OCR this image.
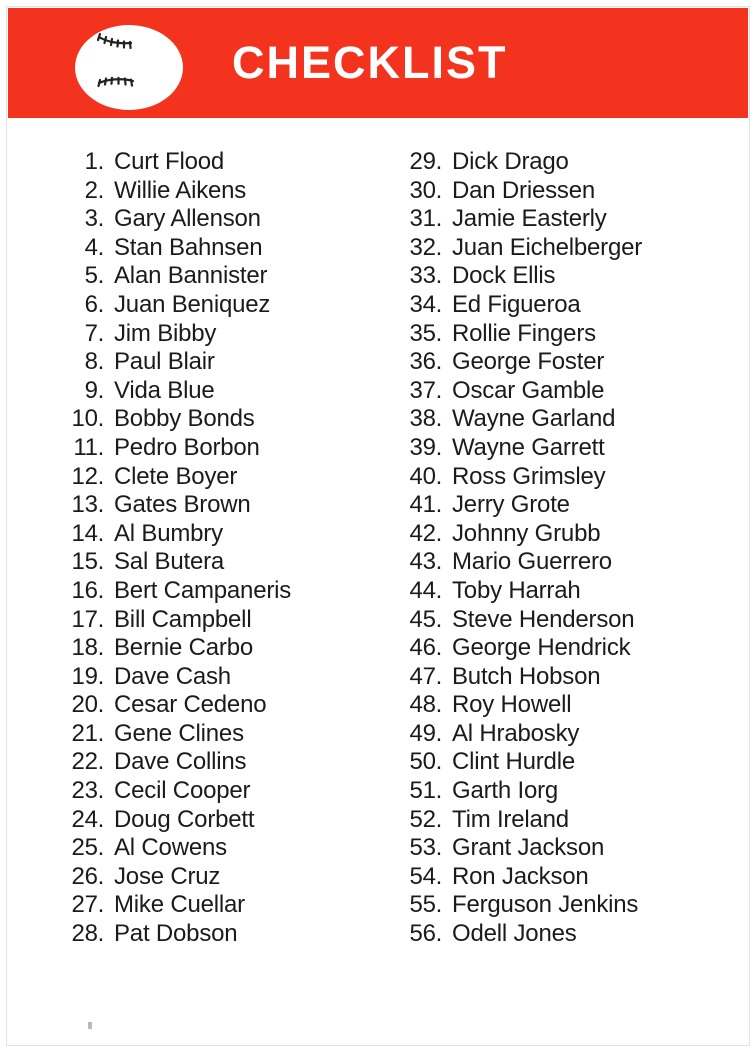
CHECKLIST
1. Curt Flood
2. Willie Aikens
3. Gary Allenson
4. Stan Bahnsen
5. Alan Bannister
6. Juan Beniquez
7. Jim Bibby
8. Paul Blair
9. Vida Blue
10. Bobby Bonds
11. Pedro Borbon
12. Clete Boyer
13. Gates Brown
14. Al Bumbry
15. Sal Butera
16. Bert Campaneris
17. Bill Campbell
18. Bernie Carbo
19. Dave Cash
20. Cesar Cedeno
21. Gene Clines
22. Dave Collins
23. Cecil Cooper
24. Doug Corbett
25. Al Cowens
26. Jose Cruz
27. Mike Cuellar
28. Pat Dobson
29. Dick Drago
30. Dan Driessen
31. Jamie Easterly
32. Juan Eichelberger
33. Dock Ellis
34. Ed Figueroa
35. Rollie Fingers
36. George Foster
37. Oscar Gamble
38. Wayne Garland
39. Wayne Garrett
40. Ross Grimsley
41. Jerry Grote
42. Johnny Grubb
43. Mario Guerrero
44. Toby Harrah
45. Steve Henderson
46. George Hendrick
47. Butch Hobson
48. Roy Howell
49. Al Hrabosky
50. Clint Hurdle
51. Garth Iorg
52. Tim Ireland
53. Grant Jackson
54. Ron Jackson
55. Ferguson Jenkins
56. Odell Jones
